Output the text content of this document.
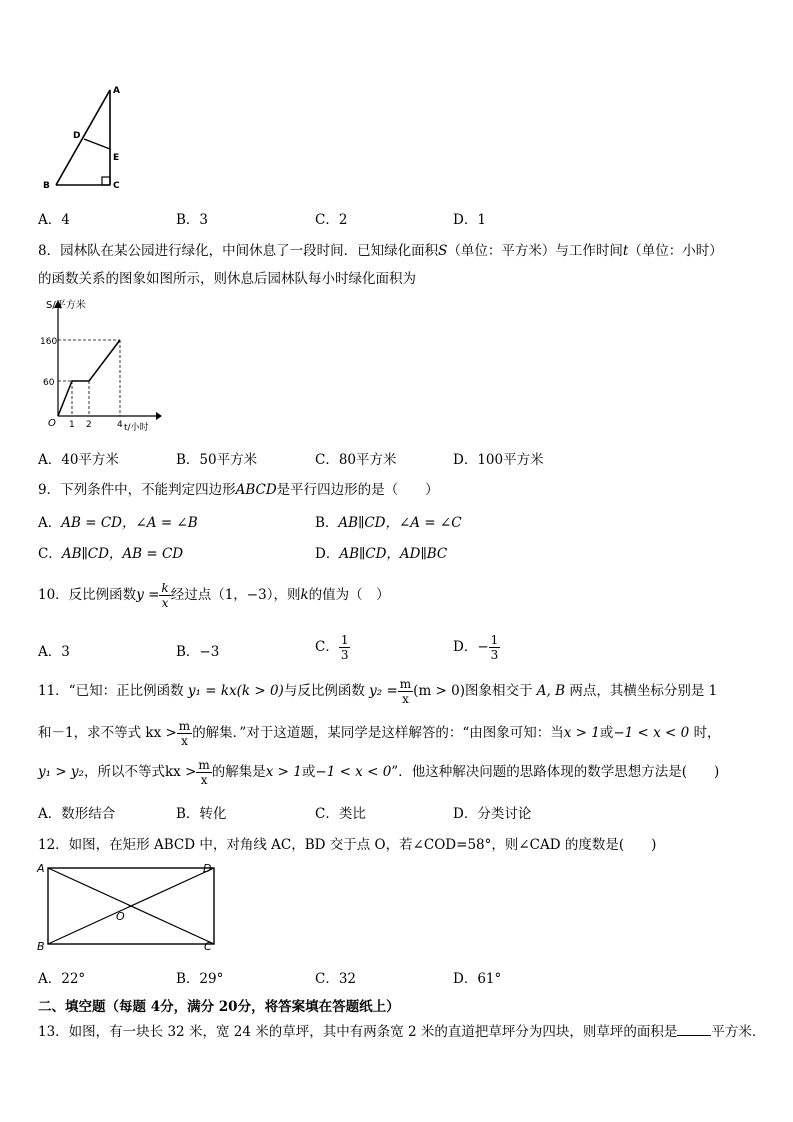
A
D
E
B	C
A．4	B．3	C．2	D．1
8．园林队在某公园进行绿化，中间休息了一段时间．已知绿化面积S（单位：平方米）与工作时间t（单位：小时）
的函数关系的图象如图所示，则休息后园林队每小时绿化面积为
S/平方米
t/小时
O
160
60
1 2	4
A．40平方米	B．50平方米	C．80平方米	D．100平方米
9．下列条件中，不能判定四边形ABCD是平行四边形的是（　　）
A．AB = CD，∠A = ∠B	B．AB∥CD，∠A = ∠C
C．AB∥CD，AB = CD	D．AB∥CD，AD∥BC
10．反比例函数$y = \frac{k}{x}$ 经过点（1，−3），则k的值为（　）
A．3	B．−3	C． $\frac{1}{3}$	D．− $\frac{1}{3}$
11．“已知：正比例函数 y₁ = kx(k > 0)与反比例函数 $y_2 = \frac{m}{x} (m > 0)$图象相交于 A, B 两点，其横坐标分别是 1
和－1，求不等式 kx > $\frac{m}{x}$ 的解集．”对于这道题，某同学是这样解答的：“由图象可知：当x > 1或−1 < x < 0 时，
y₁ > y₂，所以不等式kx > $\frac{m}{x}$ 的解集是x > 1或−1 < x < 0”．他这种解决问题的思路体现的数学思想方法是(　　)
A．数形结合	B．转化	C．类比	D．分类讨论
12．如图，在矩形 ABCD 中，对角线 AC，BD 交于点 O，若∠COD=58°，则∠CAD 的度数是(　　)
A	D
B	C
O
A．22°	B．29°	C．32	D．61°
二、填空题（每题 4分，满分 20分，将答案填在答题纸上）
13．如图，有一块长 32 米，宽 24 米的草坪，其中有两条宽 2 米的直道把草坪分为四块，则草坪的面积是	平方米．
